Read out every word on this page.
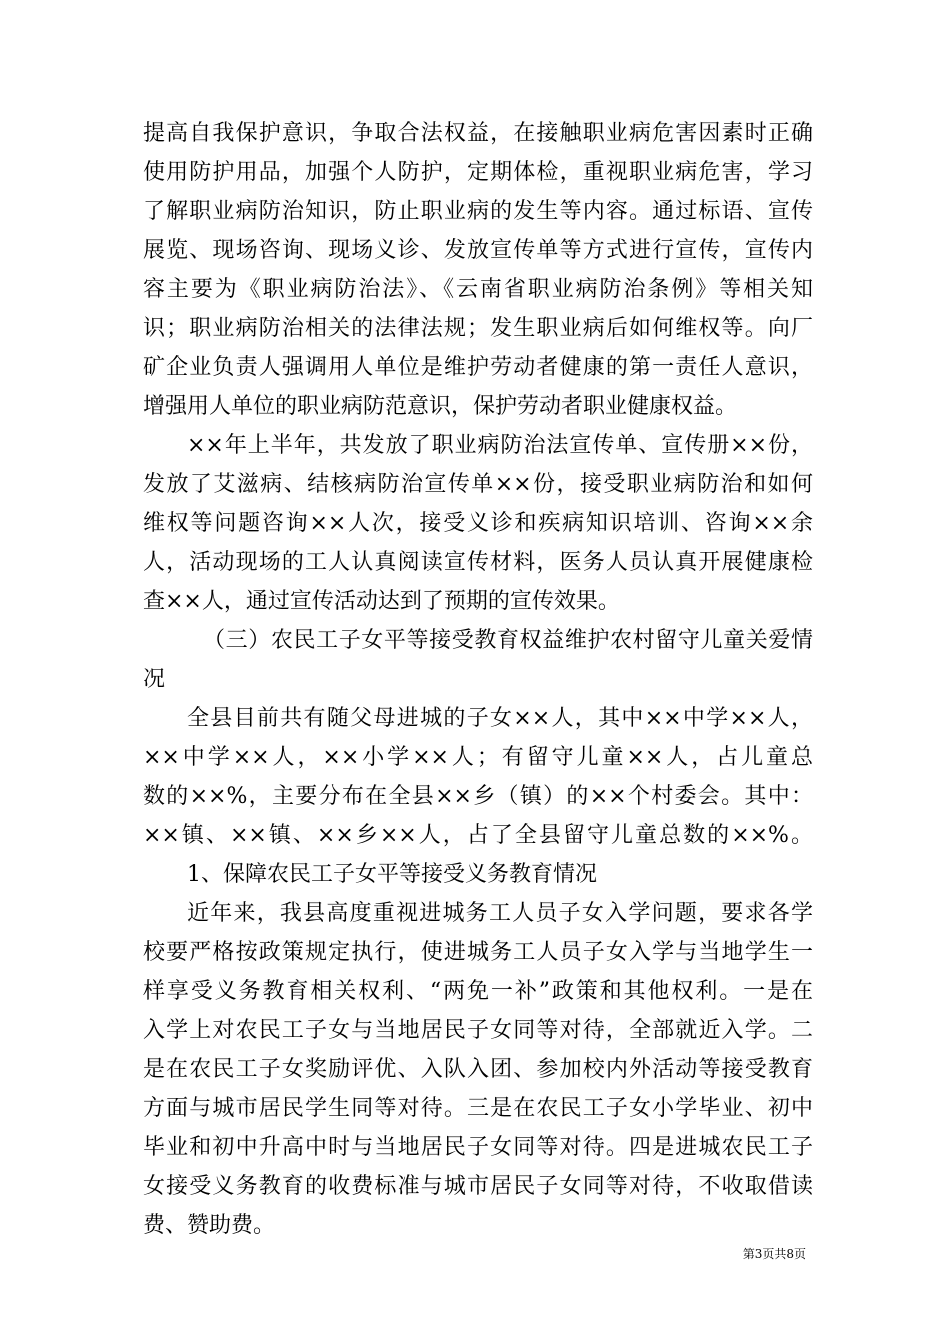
提高自我保护意识，争取合法权益，在接触职业病危害因素时正确
使用防护用品，加强个人防护，定期体检，重视职业病危害，学习
了解职业病防治知识，防止职业病的发生等内容。通过标语、宣传
展览、现场咨询、现场义诊、发放宣传单等方式进行宣传，宣传内
容主要为《职业病防治法》、《云南省职业病防治条例》等相关知
识；职业病防治相关的法律法规；发生职业病后如何维权等。向厂
矿企业负责人强调用人单位是维护劳动者健康的第一责任人意识，
增强用人单位的职业病防范意识，保护劳动者职业健康权益。
××年上半年，共发放了职业病防治法宣传单、宣传册××份，
发放了艾滋病、结核病防治宣传单××份，接受职业病防治和如何
维权等问题咨询××人次，接受义诊和疾病知识培训、咨询××余
人，活动现场的工人认真阅读宣传材料，医务人员认真开展健康检
查××人，通过宣传活动达到了预期的宣传效果。
（三）农民工子女平等接受教育权益维护农村留守儿童关爱情
况
全县目前共有随父母进城的子女××人，其中××中学××人，
××中学××人，××小学××人；有留守儿童××人，占儿童总
数的××%，主要分布在全县××乡（镇）的××个村委会。其中：
××镇、××镇、××乡××人，占了全县留守儿童总数的××%。
1、保障农民工子女平等接受义务教育情况
近年来，我县高度重视进城务工人员子女入学问题，要求各学
校要严格按政策规定执行，使进城务工人员子女入学与当地学生一
样享受义务教育相关权利、“两免一补”政策和其他权利。一是在
入学上对农民工子女与当地居民子女同等对待，全部就近入学。二
是在农民工子女奖励评优、入队入团、参加校内外活动等接受教育
方面与城市居民学生同等对待。三是在农民工子女小学毕业、初中
毕业和初中升高中时与当地居民子女同等对待。四是进城农民工子
女接受义务教育的收费标准与城市居民子女同等对待，不收取借读
费、赞助费。
第3页共8页
